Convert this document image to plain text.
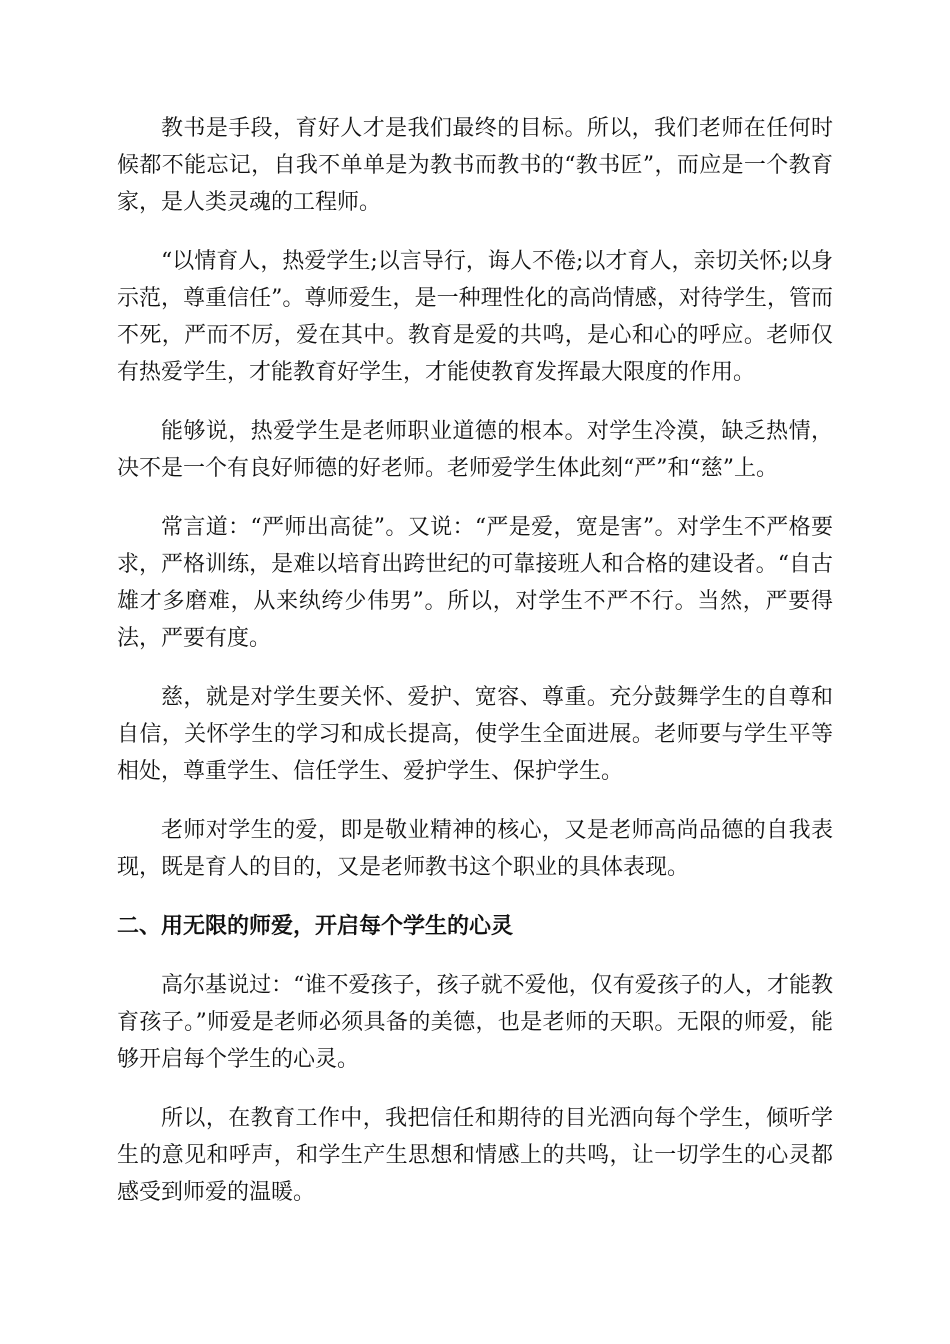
教书是手段，育好人才是我们最终的目标。所以，我们老师在任何时候都不能忘记，自我不单单是为教书而教书的“教书匠”，而应是一个教育家，是人类灵魂的工程师。

“以情育人，热爱学生;以言导行，诲人不倦;以才育人，亲切关怀;以身示范，尊重信任”。尊师爱生，是一种理性化的高尚情感，对待学生，管而不死，严而不厉，爱在其中。教育是爱的共鸣，是心和心的呼应。老师仅有热爱学生，才能教育好学生，才能使教育发挥最大限度的作用。

能够说，热爱学生是老师职业道德的根本。对学生冷漠，缺乏热情，决不是一个有良好师德的好老师。老师爱学生体此刻“严”和“慈”上。

常言道：“严师出高徒”。又说：“严是爱，宽是害”。对学生不严格要求，严格训练，是难以培育出跨世纪的可靠接班人和合格的建设者。“自古雄才多磨难，从来纨绔少伟男”。所以，对学生不严不行。当然，严要得法，严要有度。

慈，就是对学生要关怀、爱护、宽容、尊重。充分鼓舞学生的自尊和自信，关怀学生的学习和成长提高，使学生全面进展。老师要与学生平等相处，尊重学生、信任学生、爱护学生、保护学生。

老师对学生的爱，即是敬业精神的核心，又是老师高尚品德的自我表现，既是育人的目的，又是老师教书这个职业的具体表现。

二、用无限的师爱，开启每个学生的心灵

高尔基说过：“谁不爱孩子，孩子就不爱他，仅有爱孩子的人，才能教育孩子。”师爱是老师必须具备的美德，也是老师的天职。无限的师爱，能够开启每个学生的心灵。

所以，在教育工作中，我把信任和期待的目光洒向每个学生，倾听学生的意见和呼声，和学生产生思想和情感上的共鸣，让一切学生的心灵都感受到师爱的温暖。
